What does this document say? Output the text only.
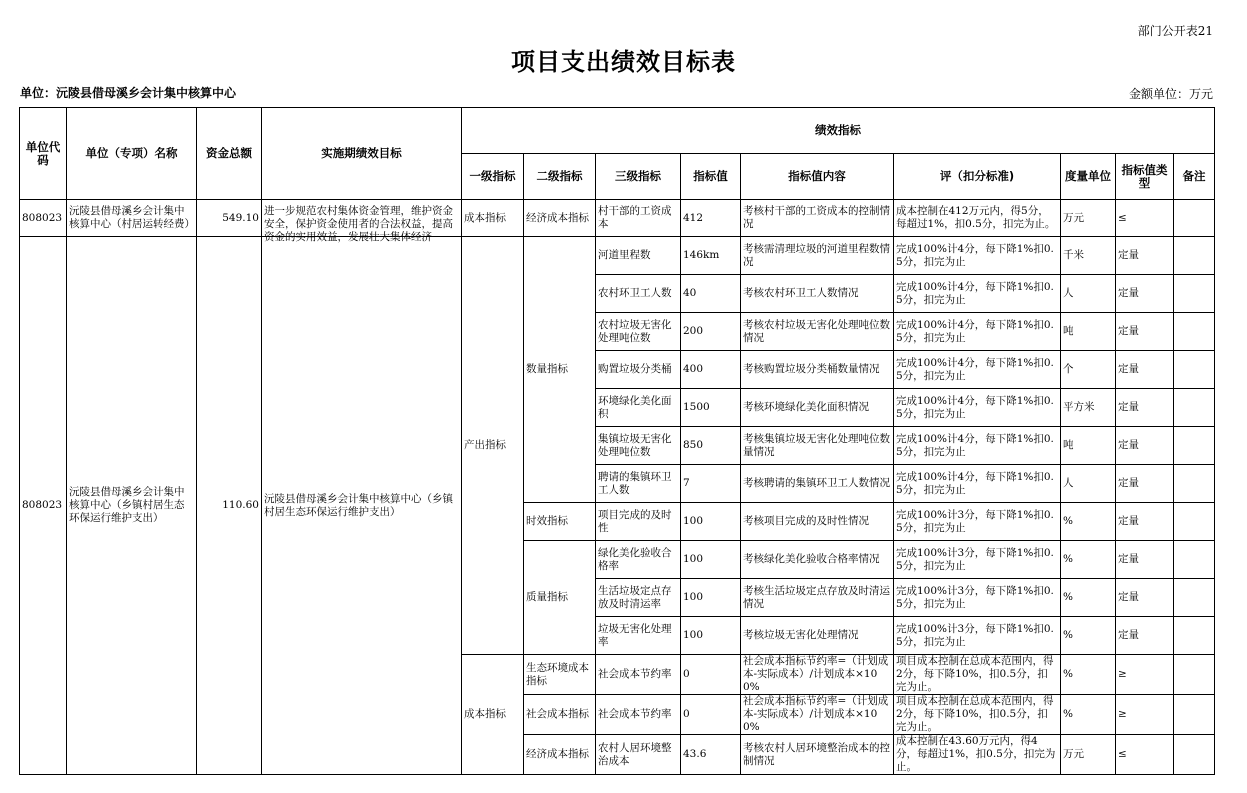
部门公开表21
项目支出绩效目标表
单位：沅陵县借母溪乡会计集中核算中心	金额单位：万元
单位代码	单位（专项）名称	资金总额	实施期绩效目标	绩效指标								
				一级指标	二级指标	三级指标	指标值	指标值内容	评（扣分标准)	度量单位	指标值类型	备注
808023	沅陵县借母溪乡会计集中核算中心（村居运转经费）	549.10	进一步规范农村集体资金管理，维护资金安全，保护资金使用者的合法权益，提高资金的实用效益，发展壮大集体经济	成本指标	经济成本指标	村干部的工资成本	412	考核村干部的工资成本的控制情况	成本控制在412万元内，得5分，每超过1%，扣0.5分，扣完为止。	万元	≤	
808023	沅陵县借母溪乡会计集中核算中心（乡镇村居生态环保运行维护支出）	110.60	沅陵县借母溪乡会计集中核算中心（乡镇村居生态环保运行维护支出）	产出指标	数量指标	河道里程数	146km	考核需清理垃圾的河道里程数情况	完成100%计4分，每下降1%扣0.5分，扣完为止	千米	定量	
						农村环卫工人数	40	考核农村环卫工人数情况	完成100%计4分，每下降1%扣0.5分，扣完为止	人	定量	
						农村垃圾无害化处理吨位数	200	考核农村垃圾无害化处理吨位数情况	完成100%计4分，每下降1%扣0.5分，扣完为止	吨	定量	
						购置垃圾分类桶	400	考核购置垃圾分类桶数量情况	完成100%计4分，每下降1%扣0.5分，扣完为止	个	定量	
						环境绿化美化面积	1500	考核环境绿化美化面积情况	完成100%计4分，每下降1%扣0.5分，扣完为止	平方米	定量	
						集镇垃圾无害化处理吨位数	850	考核集镇垃圾无害化处理吨位数量情况	完成100%计4分，每下降1%扣0.5分，扣完为止	吨	定量	
						聘请的集镇环卫工人数	7	考核聘请的集镇环卫工人数情况	完成100%计4分，每下降1%扣0.5分，扣完为止	人	定量	
					时效指标	项目完成的及时性	100	考核项目完成的及时性情况	完成100%计3分，每下降1%扣0.5分，扣完为止	%	定量	
					质量指标	绿化美化验收合格率	100	考核绿化美化验收合格率情况	完成100%计3分，每下降1%扣0.5分，扣完为止	%	定量	
						生活垃圾定点存放及时清运率	100	考核生活垃圾定点存放及时清运情况	完成100%计3分，每下降1%扣0.5分，扣完为止	%	定量	
						垃圾无害化处理率	100	考核垃圾无害化处理情况	完成100%计3分，每下降1%扣0.5分，扣完为止	%	定量	
				成本指标	生态环境成本指标	社会成本节约率	0	社会成本指标节约率=（计划成本-实际成本）/计划成本×100%	项目成本控制在总成本范围内，得2分，每下降10%，扣0.5分，扣完为止。	%	≥	
					社会成本指标	社会成本节约率	0	社会成本指标节约率=（计划成本-实际成本）/计划成本×100%	项目成本控制在总成本范围内，得2分，每下降10%，扣0.5分，扣完为止。	%	≥	
					经济成本指标	农村人居环境整治成本	43.6	考核农村人居环境整治成本的控制情况	成本控制在43.60万元内，得4分，每超过1%，扣0.5分，扣完为止。	万元	≤	
